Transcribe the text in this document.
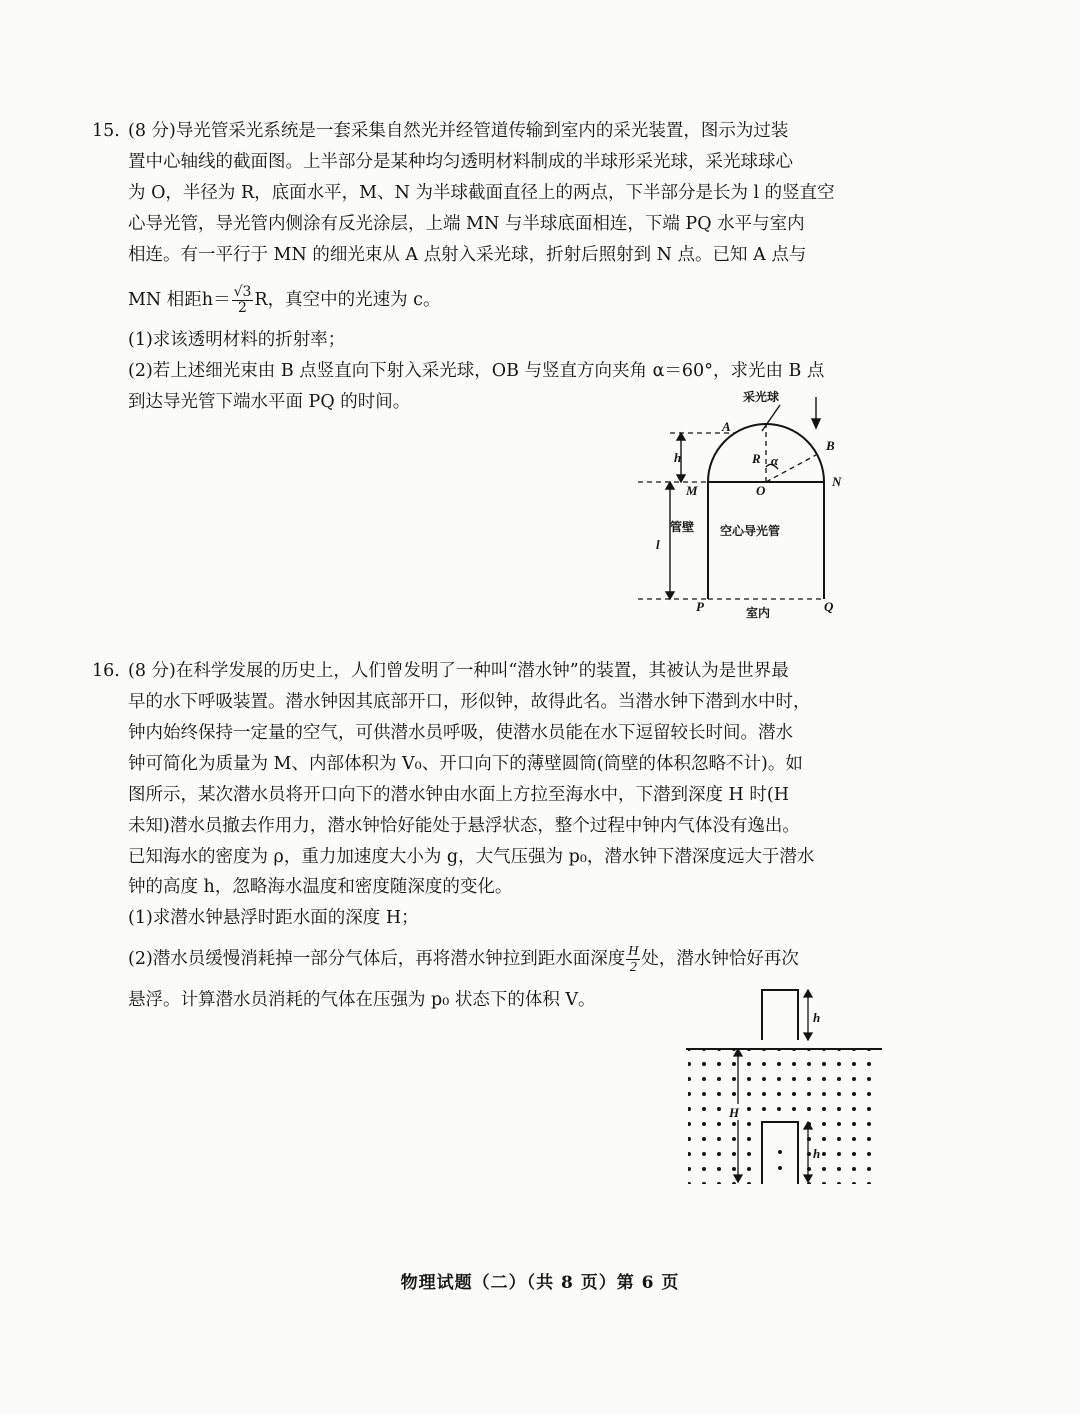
15. (8 分)导光管采光系统是一套采集自然光并经管道传输到室内的采光装置，图示为过装
置中心轴线的截面图。上半部分是某种均匀透明材料制成的半球形采光球，采光球球心
为 O，半径为 R，底面水平，M、N 为半球截面直径上的两点，下半部分是长为 l 的竖直空
心导光管，导光管内侧涂有反光涂层，上端 MN 与半球底面相连，下端 PQ 水平与室内
相连。有一平行于 MN 的细光束从 A 点射入采光球，折射后照射到 N 点。已知 A 点与
MN 相距$h= \frac{√3}{2}$ R，真空中的光速为 c。
(1)求该透明材料的折射率；
(2)若上述细光束由 B 点竖直向下射入采光球，OB 与竖直方向夹角 α＝60°，求光由 B 点
到达导光管下端水平面 PQ 的时间。	采光球
A
B
h	R α
M	O
N
管壁 空心导光管
l
P	Q
室内
16. (8 分)在科学发展的历史上，人们曾发明了一种叫“潜水钟”的装置，其被认为是世界最
早的水下呼吸装置。潜水钟因其底部开口，形似钟，故得此名。当潜水钟下潜到水中时，
钟内始终保持一定量的空气，可供潜水员呼吸，使潜水员能在水下逗留较长时间。潜水
钟可简化为质量为 M、内部体积为 V₀、开口向下的薄壁圆筒(筒壁的体积忽略不计)。如
图所示，某次潜水员将开口向下的潜水钟由水面上方拉至海水中，下潜到深度 H 时(H
未知)潜水员撤去作用力，潜水钟恰好能处于悬浮状态，整个过程中钟内气体没有逸出。
已知海水的密度为 ρ，重力加速度大小为 g，大气压强为 p₀，潜水钟下潜深度远大于潜水
钟的高度 h，忽略海水温度和密度随深度的变化。
(1)求潜水钟悬浮时距水面的深度 H；
(2)潜水员缓慢消耗掉一部分气体后，再将潜水钟拉到距水面深度 $\frac{H}{2}$ 处，潜水钟恰好再次
悬浮。计算潜水员消耗的气体在压强为 p₀ 状态下的体积 V。
h
H
h
物理试题（二）（共 8 页）第 6 页
